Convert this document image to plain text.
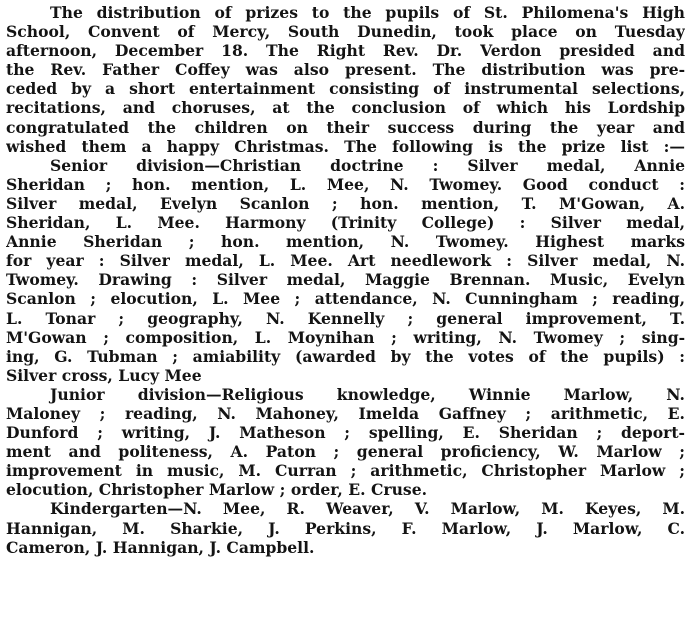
The distribution of prizes to the pupils of St. Philomena's High
School, Convent of Mercy, South Dunedin, took place on Tuesday
afternoon, December 18. The Right Rev. Dr. Verdon presided and
the Rev. Father Coffey was also present. The distribution was pre-
ceded by a short entertainment consisting of instrumental selections,
recitations, and choruses, at the conclusion of which his Lordship
congratulated the children on their success during the year and
wished them a happy Christmas. The following is the prize list :—
Senior division—Christian doctrine : Silver medal, Annie
Sheridan ; hon. mention, L. Mee, N. Twomey. Good conduct :
Silver medal, Evelyn Scanlon ; hon. mention, T. M'Gowan, A.
Sheridan, L. Mee. Harmony (Trinity College) : Silver medal,
Annie Sheridan ; hon. mention, N. Twomey. Highest marks
for year : Silver medal, L. Mee. Art needlework : Silver medal, N.
Twomey. Drawing : Silver medal, Maggie Brennan. Music, Evelyn
Scanlon ; elocution, L. Mee ; attendance, N. Cunningham ; reading,
L. Tonar ; geography, N. Kennelly ; general improvement, T.
M'Gowan ; composition, L. Moynihan ; writing, N. Twomey ; sing-
ing, G. Tubman ; amiability (awarded by the votes of the pupils) :
Silver cross, Lucy Mee
Junior division—Religious knowledge, Winnie Marlow, N.
Maloney ; reading, N. Mahoney, Imelda Gaffney ; arithmetic, E.
Dunford ; writing, J. Matheson ; spelling, E. Sheridan ; deport-
ment and politeness, A. Paton ; general proficiency, W. Marlow ;
improvement in music, M. Curran ; arithmetic, Christopher Marlow ;
elocution, Christopher Marlow ; order, E. Cruse.
Kindergarten—N. Mee, R. Weaver, V. Marlow, M. Keyes, M.
Hannigan, M. Sharkie, J. Perkins, F. Marlow, J. Marlow, C.
Cameron, J. Hannigan, J. Campbell.
